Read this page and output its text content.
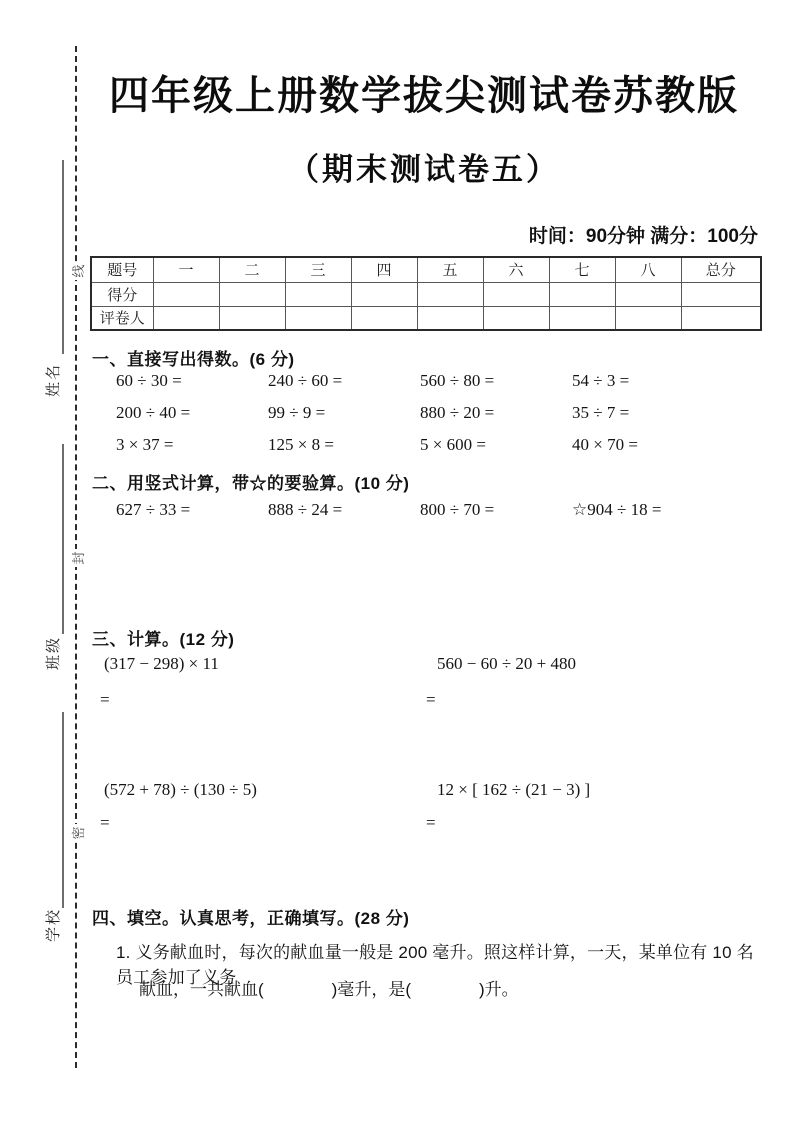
线
封
密
姓名
班级
学校
四年级上册数学拔尖测试卷苏教版
（期末测试卷五）
时间：90分钟 满分：100分
题号	一	二	三	四	五	六	七	八	总分
得分									
评卷人									
一、直接写出得数。(6 分)
60 ÷ 30 =	240 ÷ 60 =	560 ÷ 80 =	54 ÷ 3 =
200 ÷ 40 =	99 ÷ 9 =	880 ÷ 20 =	35 ÷ 7 =
3 × 37 =	125 × 8 =	5 × 600 =	40 × 70 =
二、用竖式计算，带☆的要验算。(10 分)
627 ÷ 33 =	888 ÷ 24 =	800 ÷ 70 =	☆904 ÷ 18 =
三、计算。(12 分)
(317 − 298) × 11	560 − 60 ÷ 20 + 480
=	=
(572 + 78) ÷ (130 ÷ 5)	12 × [ 162 ÷ (21 − 3) ]
=	=
四、填空。认真思考，正确填写。(28 分)
1. 义务献血时，每次的献血量一般是 200 毫升。照这样计算，一天，某单位有 10 名员工参加了义务
献血，一共献血(　　　　)毫升，是(　　　　)升。
